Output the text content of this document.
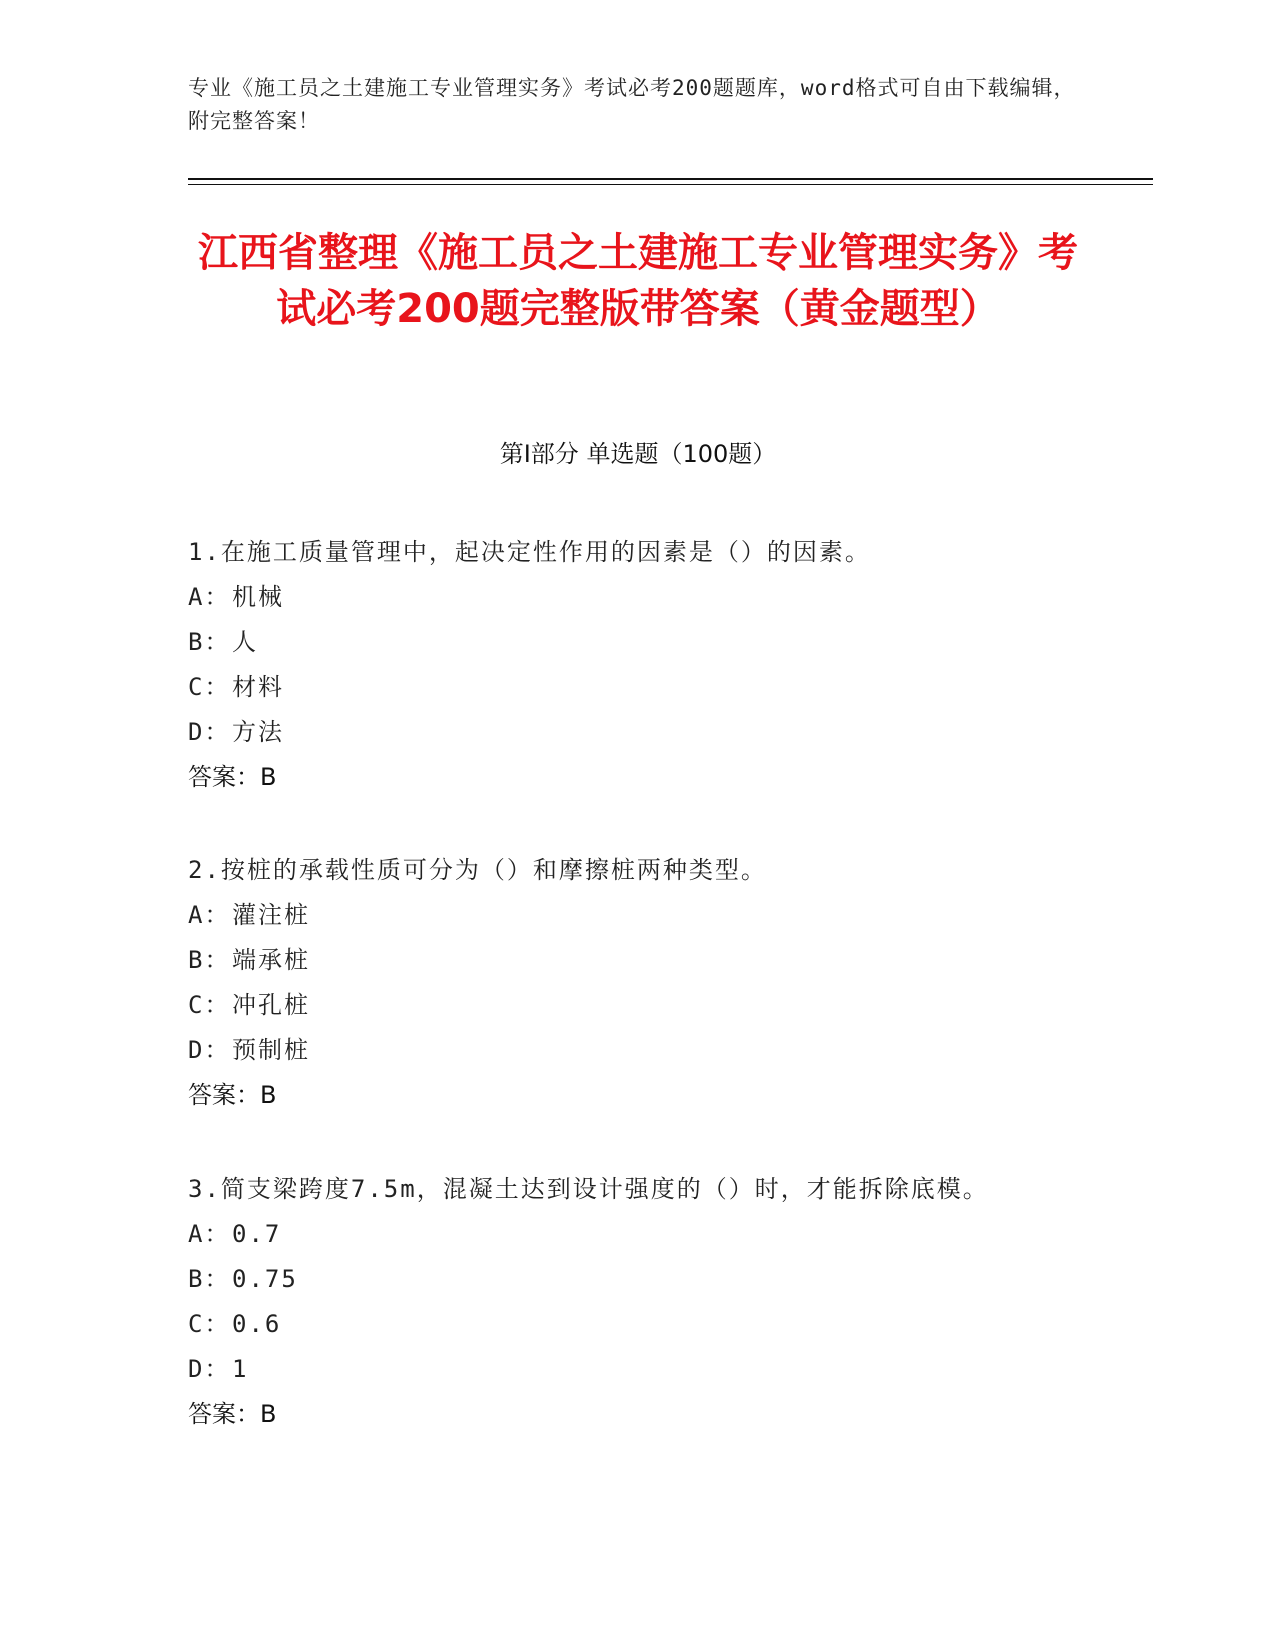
专业《施工员之土建施工专业管理实务》考试必考200题题库，word格式可自由下载编辑，附完整答案！
江西省整理《施工员之土建施工专业管理实务》考试必考200题完整版带答案（黄金题型）
第Ⅰ部分 单选题（100题）
1.在施工质量管理中，起决定性作用的因素是（）的因素。
A：机械
B：人
C：材料
D：方法
答案：B
2.按桩的承载性质可分为（）和摩擦桩两种类型。
A：灌注桩
B：端承桩
C：冲孔桩
D：预制桩
答案：B
3.简支梁跨度7.5m，混凝土达到设计强度的（）时，才能拆除底模。
A：0.7
B：0.75
C：0.6
D：1
答案：B
